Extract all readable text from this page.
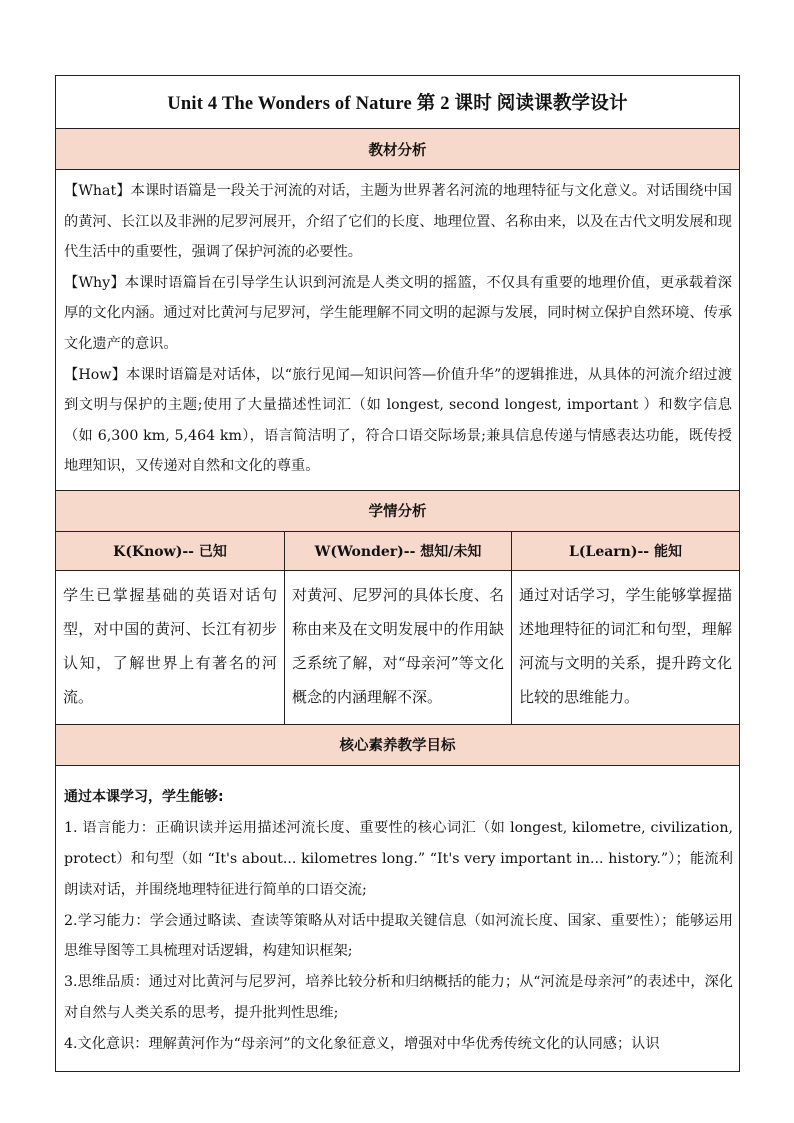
Unit 4 The Wonders of Nature 第 2 课时 阅读课教学设计		
教材分析		

【What】本课时语篇是一段关于河流的对话，主题为世界著名河流的地理特征与文化意义。对话围绕中国的黄河、长江以及非洲的尼罗河展开，介绍了它们的长度、地理位置、名称由来，以及在古代文明发展和现代生活中的重要性，强调了保护河流的必要性。

【Why】本课时语篇旨在引导学生认识到河流是人类文明的摇篮，不仅具有重要的地理价值，更承载着深厚的文化内涵。通过对比黄河与尼罗河，学生能理解不同文明的起源与发展，同时树立保护自然环境、传承文化遗产的意识。

【How】本课时语篇是对话体，以“旅行见闻—知识问答—价值升华”的逻辑推进，从具体的河流介绍过渡到文明与保护的主题;使用了大量描述性词汇（如 longest, second longest, important ）和数字信息（如 6,300 km, 5,464 km），语言简洁明了，符合口语交际场景;兼具信息传递与情感表达功能，既传授地理知识，又传递对自然和文化的尊重。		

学情分析		
K(Know)-- 已知	W(Wonder)-- 想知/未知	L(Learn)-- 能知

学生已掌握基础的英语对话句型，对中国的黄河、长江有初步认知，了解世界上有著名的河流。	对黄河、尼罗河的具体长度、名称由来及在文明发展中的作用缺乏系统了解，对“母亲河”等文化概念的内涵理解不深。	通过对话学习，学生能够掌握描述地理特征的词汇和句型，理解河流与文明的关系，提升跨文化比较的思维能力。

核心素养教学目标		

通过本课学习，学生能够:

1. 语言能力：正确识读并运用描述河流长度、重要性的核心词汇（如 longest, kilometre, civilization, protect）和句型（如 “It's about... kilometres long.” “It's very important in... history.”）；能流利朗读对话，并围绕地理特征进行简单的口语交流;

2.学习能力：学会通过略读、查读等策略从对话中提取关键信息（如河流长度、国家、重要性）；能够运用思维导图等工具梳理对话逻辑，构建知识框架;

3.思维品质：通过对比黄河与尼罗河，培养比较分析和归纳概括的能力；从“河流是母亲河”的表述中，深化对自然与人类关系的思考，提升批判性思维;

4.文化意识：理解黄河作为“母亲河”的文化象征意义，增强对中华优秀传统文化的认同感；认识		
